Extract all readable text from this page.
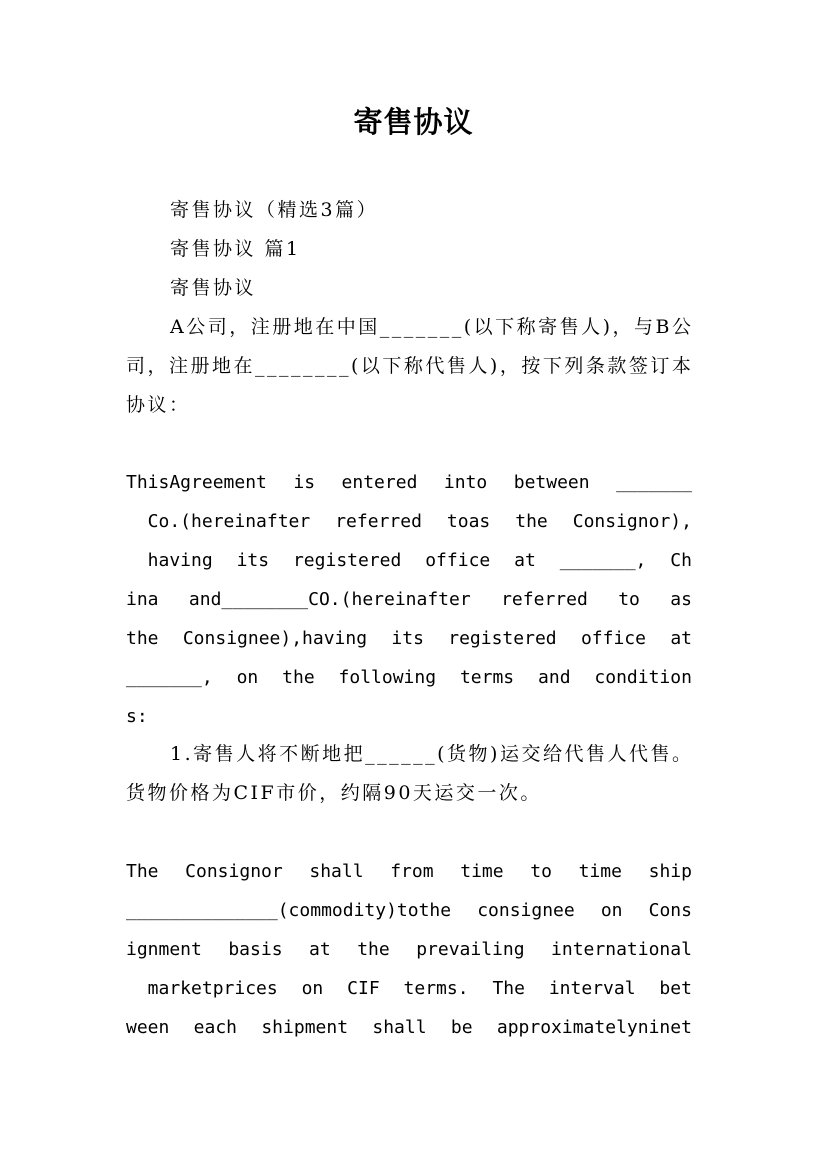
寄售协议
寄售协议（精选3篇）
寄售协议 篇1
寄售协议
A公司，注册地在中国_______(以下称寄售人)，与B公
司，注册地在________(以下称代售人)，按下列条款签订本
协议：
ThisAgreement is entered into between _______
Co.(hereinafter referred toas the Consignor),
having its registered office at _______, Ch
ina and________CO.(hereinafter referred to as
the Consignee),having its registered office at
_______, on the following terms and condition
s:
1.寄售人将不断地把______(货物)运交给代售人代售。
货物价格为CIF市价，约隔90天运交一次。
The Consignor shall from time to time ship
______________(commodity)tothe consignee on Cons
ignment basis at the prevailing international
marketprices on CIF terms. The interval bet
ween each shipment shall be approximatelyninet
